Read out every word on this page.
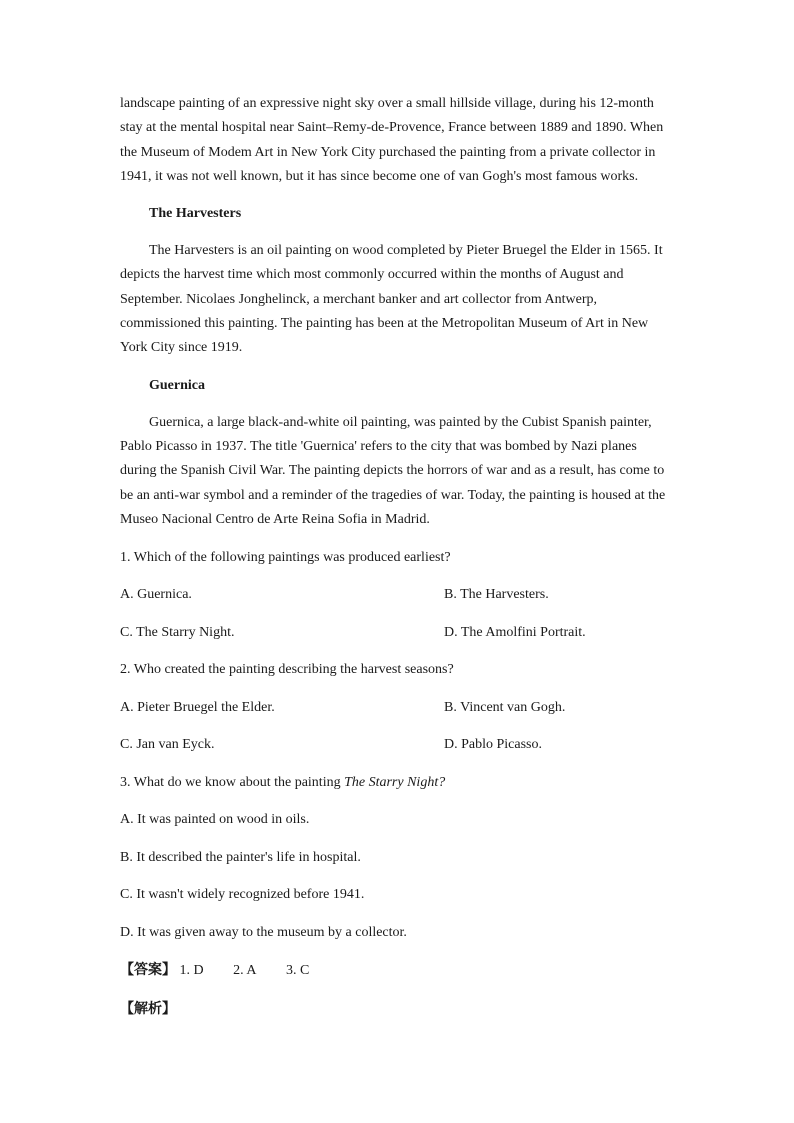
landscape painting of an expressive night sky over a small hillside village, during his 12-month
stay at the mental hospital near Saint–Remy-de-Provence, France between 1889 and 1890. When
the Museum of Modem Art in New York City purchased the painting from a private collector in
1941, it was not well known, but it has since become one of van Gogh's most famous works.
The Harvesters
The Harvesters is an oil painting on wood completed by Pieter Bruegel the Elder in 1565. It
depicts the harvest time which most commonly occurred within the months of August and
September. Nicolaes Jonghelinck, a merchant banker and art collector from Antwerp,
commissioned this painting. The painting has been at the Metropolitan Museum of Art in New
York City since 1919.
Guernica
Guernica, a large black-and-white oil painting, was painted by the Cubist Spanish painter,
Pablo Picasso in 1937. The title 'Guernica' refers to the city that was bombed by Nazi planes
during the Spanish Civil War. The painting depicts the horrors of war and as a result, has come to
be an anti-war symbol and a reminder of the tragedies of war. Today, the painting is housed at the
Museo Nacional Centro de Arte Reina Sofia in Madrid.
1. Which of the following paintings was produced earliest?
A. Guernica.	B. The Harvesters.
C. The Starry Night.	D. The Amolfini Portrait.
2. Who created the painting describing the harvest seasons?
A. Pieter Bruegel the Elder.	B. Vincent van Gogh.
C. Jan van Eyck.	D. Pablo Picasso.
3. What do we know about the painting The Starry Night?
A. It was painted on wood in oils.
B. It described the painter's life in hospital.
C. It wasn't widely recognized before 1941.
D. It was given away to the museum by a collector.
【答案】 1. D 2. A 3. C
【解析】
